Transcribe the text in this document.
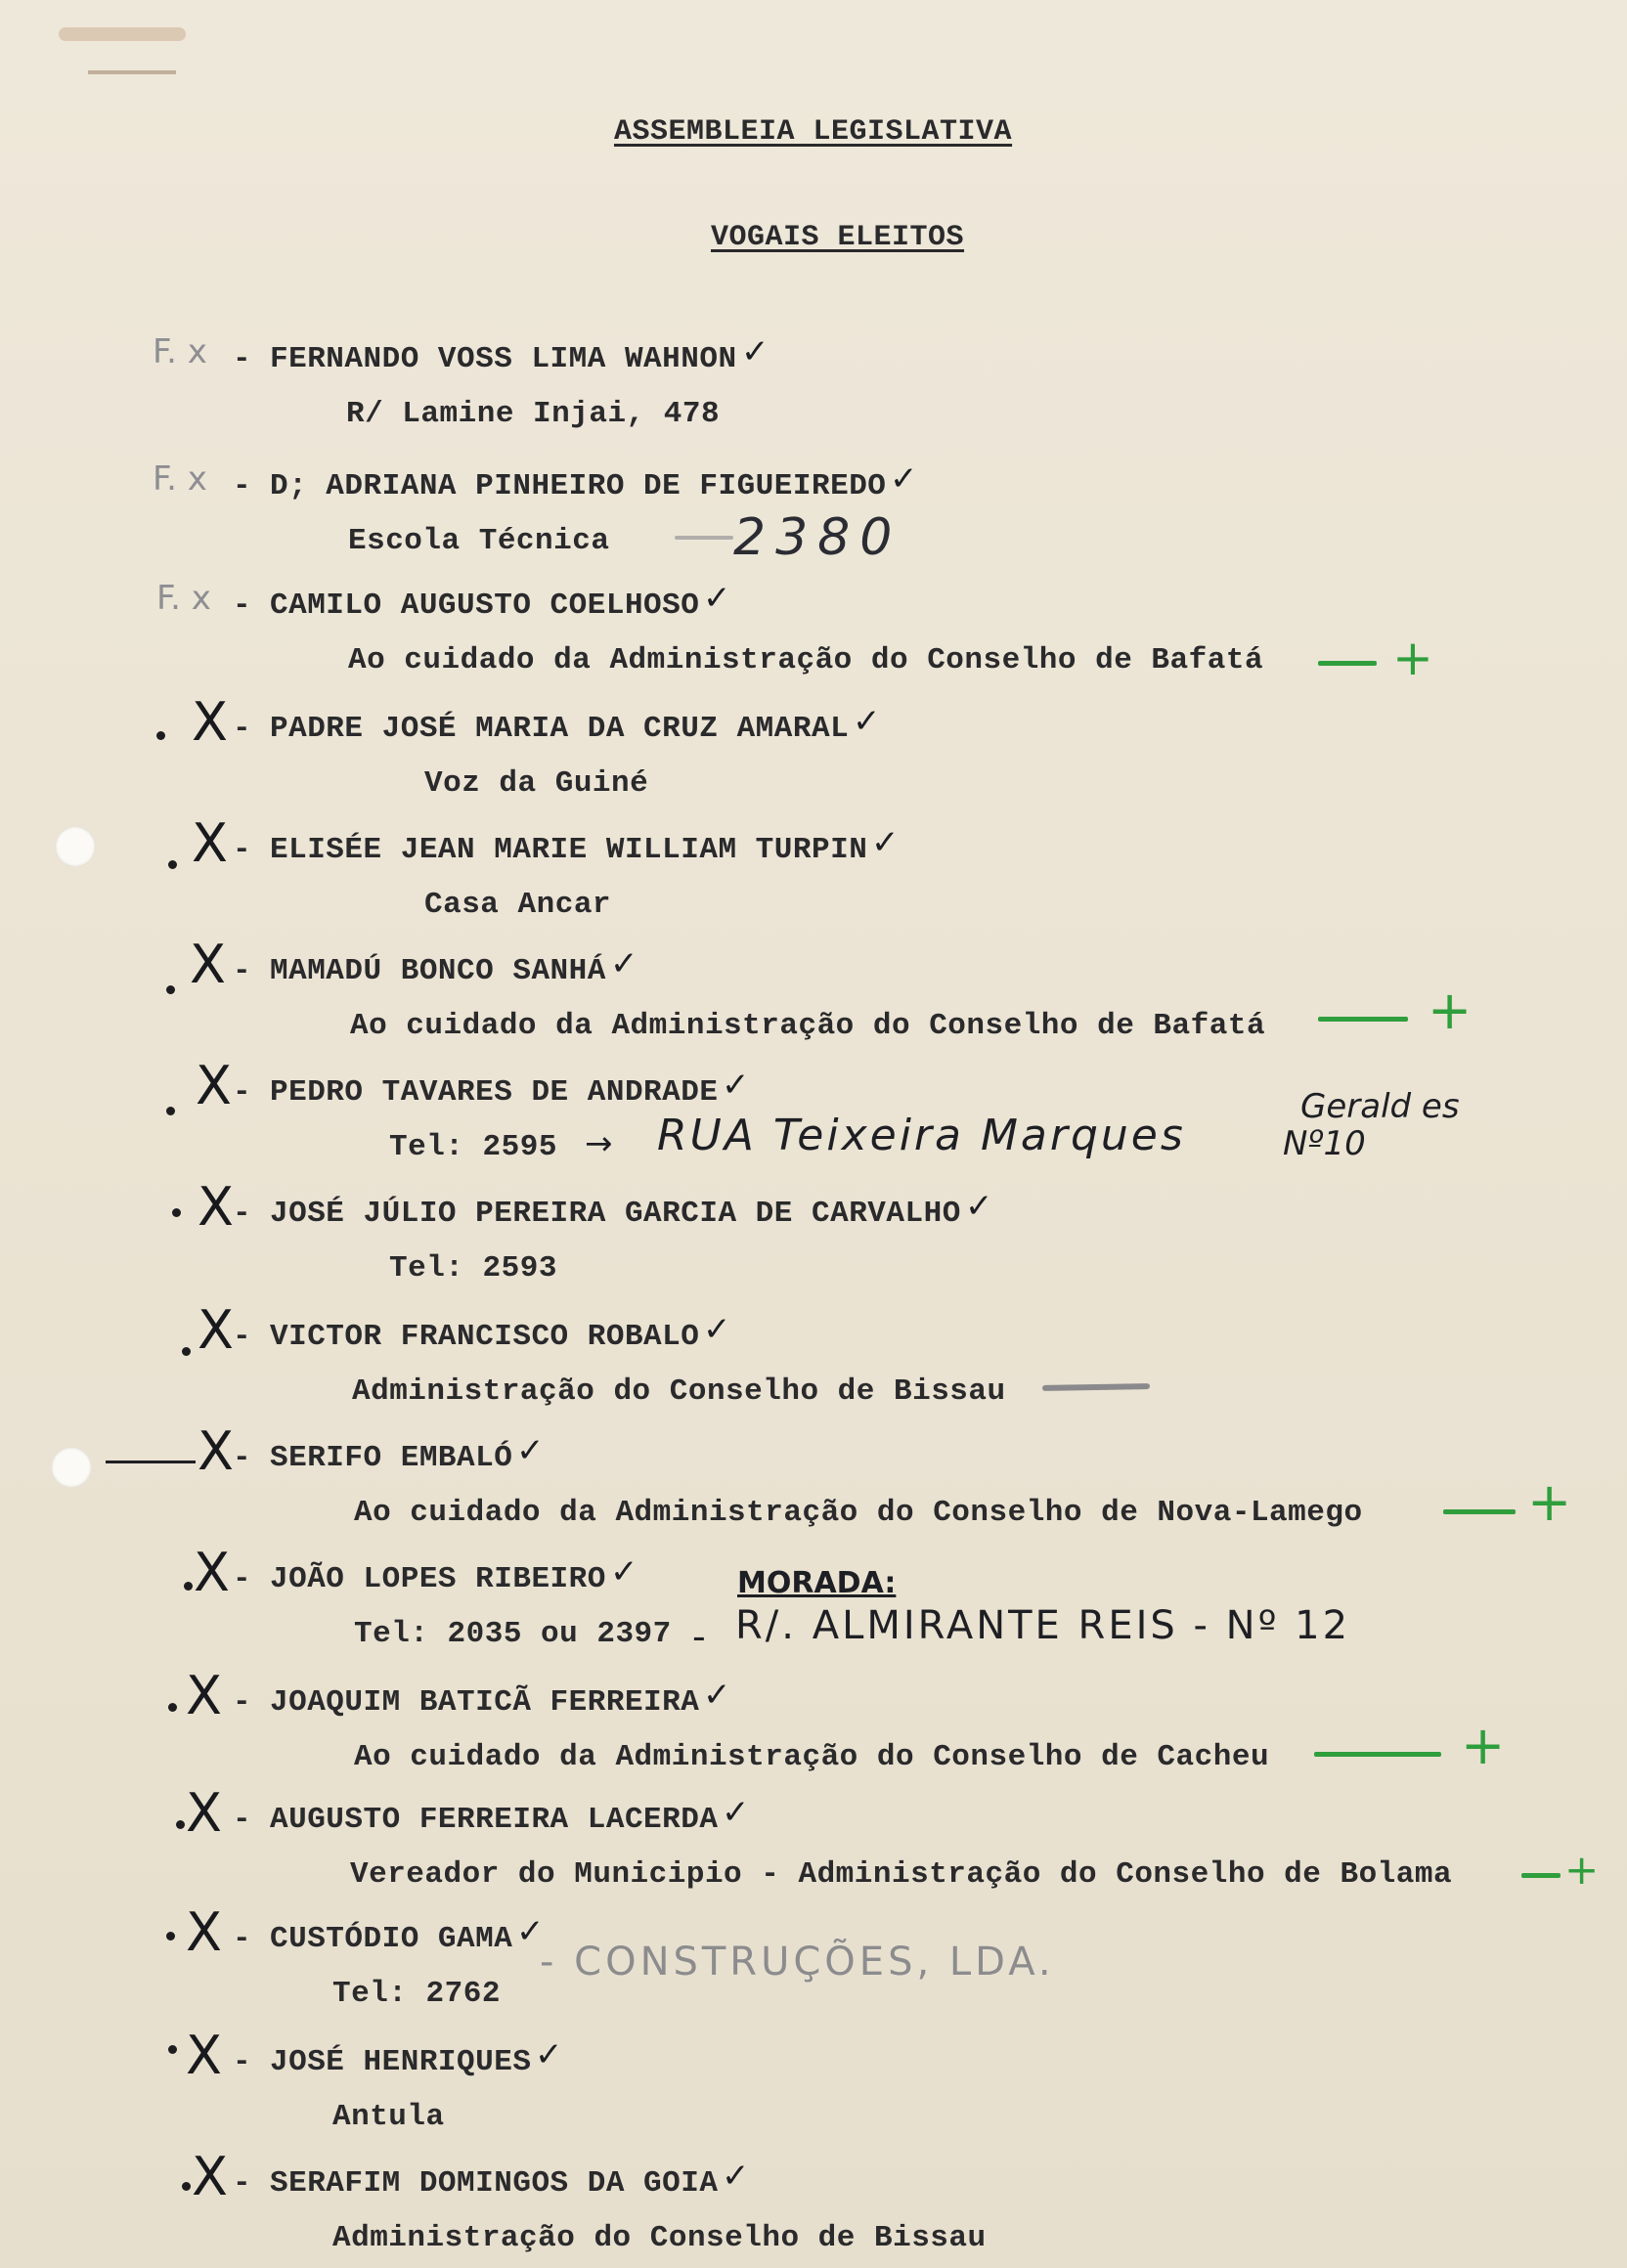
ASSEMBLEIA LEGISLATIVA
VOGAIS ELEITOS
F. x - FERNANDO VOSS LIMA WAHNON ✓
R/ Lamine Injai, 478
F. x - D; ADRIANA PINHEIRO DE FIGUEIREDO ✓
Escola Técnica
F. x - CAMILO AUGUSTO COELHOSO ✓
Ao cuidado da Administração do Conselho de Bafatá
X - PADRE JOSÉ MARIA DA CRUZ AMARAL ✓
Voz da Guiné
X - ELISÉE JEAN MARIE WILLIAM TURPIN ✓
Casa Ancar
X - MAMADÚ BONCO SANHÁ ✓
Ao cuidado da Administração do Conselho de Bafatá
X - PEDRO TAVARES DE ANDRADE ✓
Tel: 2595
X - JOSÉ JÚLIO PEREIRA GARCIA DE CARVALHO ✓
Tel: 2593
X - VICTOR FRANCISCO ROBALO ✓
Administração do Conselho de Bissau
X - SERIFO EMBALÓ ✓
Ao cuidado da Administração do Conselho de Nova-Lamego
X - JOÃO LOPES RIBEIRO ✓
Tel: 2035 ou 2397
X - JOAQUIM BATICÃ FERREIRA ✓
Ao cuidado da Administração do Conselho de Cacheu
X - AUGUSTO FERREIRA LACERDA ✓
Vereador do Municipio - Administração do Conselho de Bolama
X - CUSTÓDIO GAMA ✓
Tel: 2762
X - JOSÉ HENRIQUES ✓
Antula
X - SERAFIM DOMINGOS DA GOIA ✓
Administração do Conselho de Bissau
2380
+
+
+
+
+
→ RUA Teixeira Marques
Gerald es
Nº10
MORADA:
- R/. ALMIRANTE REIS - Nº 12
- CONSTRUÇÕES, LDA.
